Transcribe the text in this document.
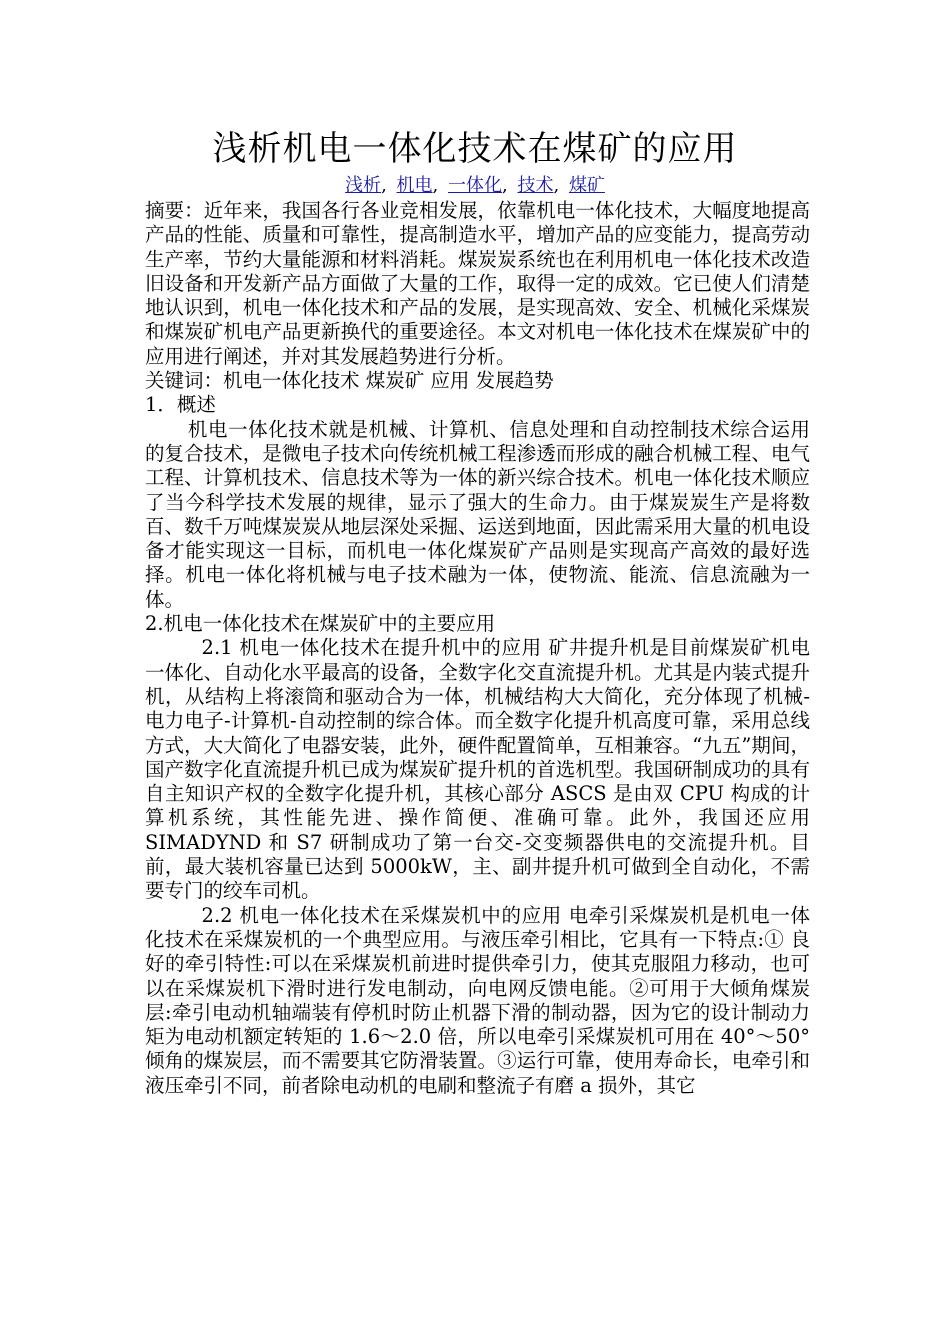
浅析机电一体化技术在煤矿的应用
浅析, 机电, 一体化, 技术, 煤矿

摘要：近年来，我国各行各业竞相发展，依靠机电一体化技术，大幅度地提高产品的性能、质量和可靠性，提高制造水平，增加产品的应变能力，提高劳动生产率，节约大量能源和材料消耗。煤炭炭系统也在利用机电一体化技术改造旧设备和开发新产品方面做了大量的工作，取得一定的成效。它已使人们清楚地认识到，机电一体化技术和产品的发展，是实现高效、安全、机械化采煤炭和煤炭矿机电产品更新换代的重要途径。本文对机电一体化技术在煤炭矿中的应用进行阐述，并对其发展趋势进行分析。

关键词：机电一体化技术 煤炭矿 应用 发展趋势

1．概述

机电一体化技术就是机械、计算机、信息处理和自动控制技术综合运用的复合技术，是微电子技术向传统机械工程渗透而形成的融合机械工程、电气工程、计算机技术、信息技术等为一体的新兴综合技术。机电一体化技术顺应了当今科学技术发展的规律，显示了强大的生命力。由于煤炭炭生产是将数百、数千万吨煤炭炭从地层深处采掘、运送到地面，因此需采用大量的机电设备才能实现这一目标，而机电一体化煤炭矿产品则是实现高产高效的最好选择。机电一体化将机械与电子技术融为一体，使物流、能流、信息流融为一体。

2.机电一体化技术在煤炭矿中的主要应用

2.1 机电一体化技术在提升机中的应用 矿井提升机是目前煤炭矿机电一体化、自动化水平最高的设备，全数字化交直流提升机。尤其是内装式提升机，从结构上将滚筒和驱动合为一体，机械结构大大简化，充分体现了机械-电力电子-计算机-自动控制的综合体。而全数字化提升机高度可靠，采用总线方式，大大简化了电器安装，此外，硬件配置简单，互相兼容。“九五”期间，国产数字化直流提升机已成为煤炭矿提升机的首选机型。我国研制成功的具有自主知识产权的全数字化提升机，其核心部分 ASCS 是由双 CPU 构成的计算机系统，其性能先进、操作简便、准确可靠。此外，我国还应用 SIMADYND 和 S7 研制成功了第一台交-交变频器供电的交流提升机。目前，最大装机容量已达到 5000kW，主、副井提升机可做到全自动化，不需要专门的绞车司机。

2.2 机电一体化技术在采煤炭机中的应用 电牵引采煤炭机是机电一体化技术在采煤炭机的一个典型应用。与液压牵引相比，它具有一下特点:① 良好的牵引特性:可以在采煤炭机前进时提供牵引力，使其克服阻力移动，也可以在采煤炭机下滑时进行发电制动，向电网反馈电能。②可用于大倾角煤炭层:牵引电动机轴端装有停机时防止机器下滑的制动器，因为它的设计制动力矩为电动机额定转矩的 1.6～2.0 倍，所以电牵引采煤炭机可用在 40°～50° 倾角的煤炭层，而不需要其它防滑装置。③运行可靠，使用寿命长，电牵引和液压牵引不同，前者除电动机的电刷和整流子有磨 a 损外，其它
